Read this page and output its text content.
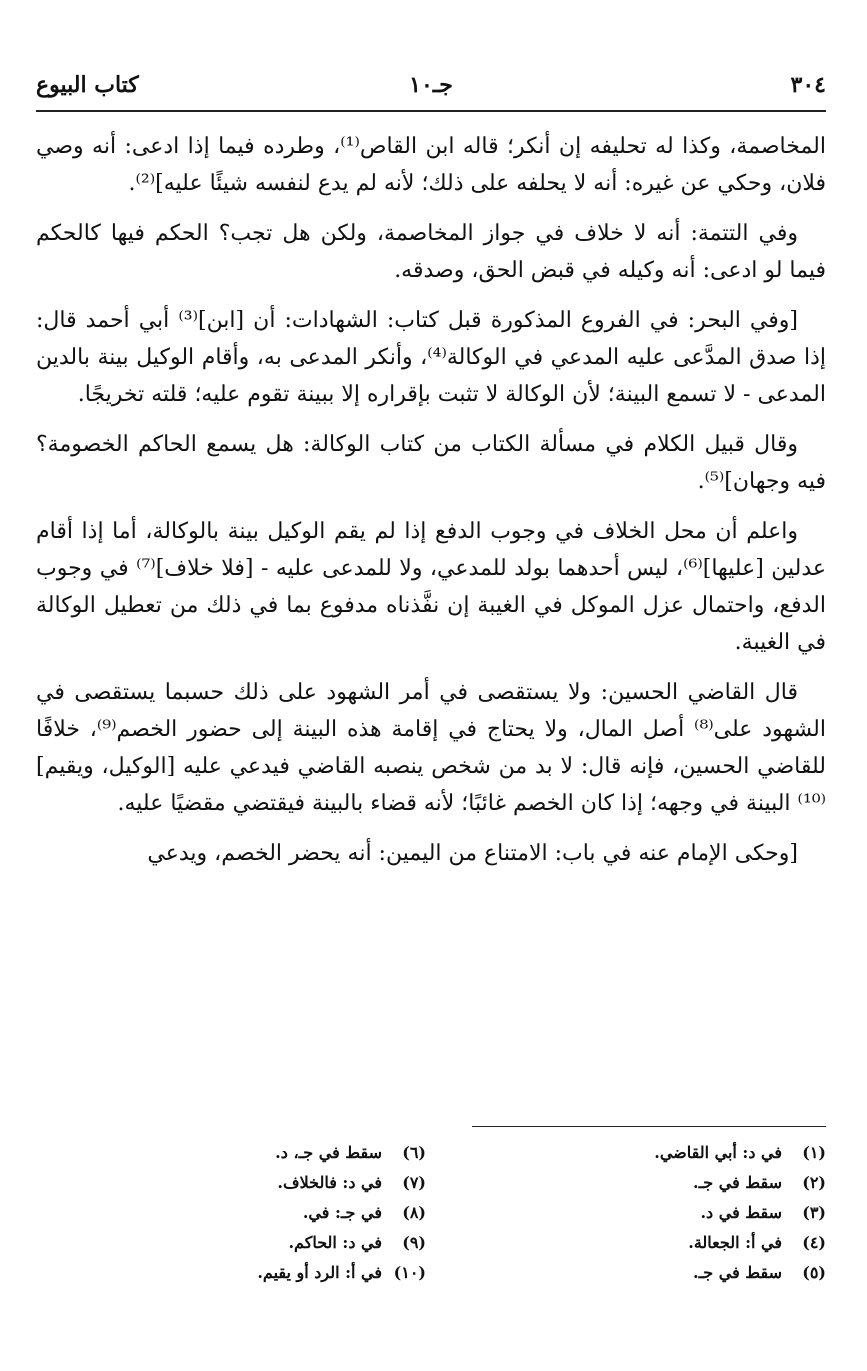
٣٠٤
جـ١٠
كتاب البيوع

المخاصمة، وكذا له تحليفه إن أنكر؛ قاله ابن القاص⁽¹⁾، وطرده فيما إذا ادعى: أنه وصي فلان، وحكي عن غيره: أنه لا يحلفه على ذلك؛ لأنه لم يدع لنفسه شيئًا عليه]⁽²⁾.

وفي التتمة: أنه لا خلاف في جواز المخاصمة، ولكن هل تجب؟ الحكم فيها كالحكم فيما لو ادعى: أنه وكيله في قبض الحق، وصدقه.

[وفي البحر: في الفروع المذكورة قبل كتاب: الشهادات: أن [ابن]⁽³⁾ أبي أحمد قال: إذا صدق المدَّعى عليه المدعي في الوكالة⁽⁴⁾، وأنكر المدعى به، وأقام الوكيل بينة بالدين المدعى - لا تسمع البينة؛ لأن الوكالة لا تثبت بإقراره إلا ببينة تقوم عليه؛ قلته تخريجًا.

وقال قبيل الكلام في مسألة الكتاب من كتاب الوكالة: هل يسمع الحاكم الخصومة؟ فيه وجهان]⁽⁵⁾.

واعلم أن محل الخلاف في وجوب الدفع إذا لم يقم الوكيل بينة بالوكالة، أما إذا أقام عدلين [عليها]⁽⁶⁾، ليس أحدهما بولد للمدعي، ولا للمدعى عليه - [فلا خلاف]⁽⁷⁾ في وجوب الدفع، واحتمال عزل الموكل في الغيبة إن نفَّذناه مدفوع بما في ذلك من تعطيل الوكالة في الغيبة.

قال القاضي الحسين: ولا يستقصى في أمر الشهود على ذلك حسبما يستقصى في الشهود على⁽⁸⁾ أصل المال، ولا يحتاج في إقامة هذه البينة إلى حضور الخصم⁽⁹⁾، خلافًا للقاضي الحسين، فإنه قال: لا بد من شخص ينصبه القاضي فيدعي عليه [الوكيل، ويقيم]⁽¹⁰⁾ البينة في وجهه؛ إذا كان الخصم غائبًا؛ لأنه قضاء بالبينة فيقتضي مقضيًا عليه.

[وحكى الإمام عنه في باب: الامتناع من اليمين: أنه يحضر الخصم، ويدعي

(١)في د: أبي القاضي.
(٢)سقط في جـ.
(٣)سقط في د.
(٤)في أ: الجعالة.
(٥)سقط في جـ.
(٦)سقط في جـ، د.
(٧)في د: فالخلاف.
(٨)في جـ: في.
(٩)في د: الحاكم.
(١٠)في أ: الرد أو يقيم.
